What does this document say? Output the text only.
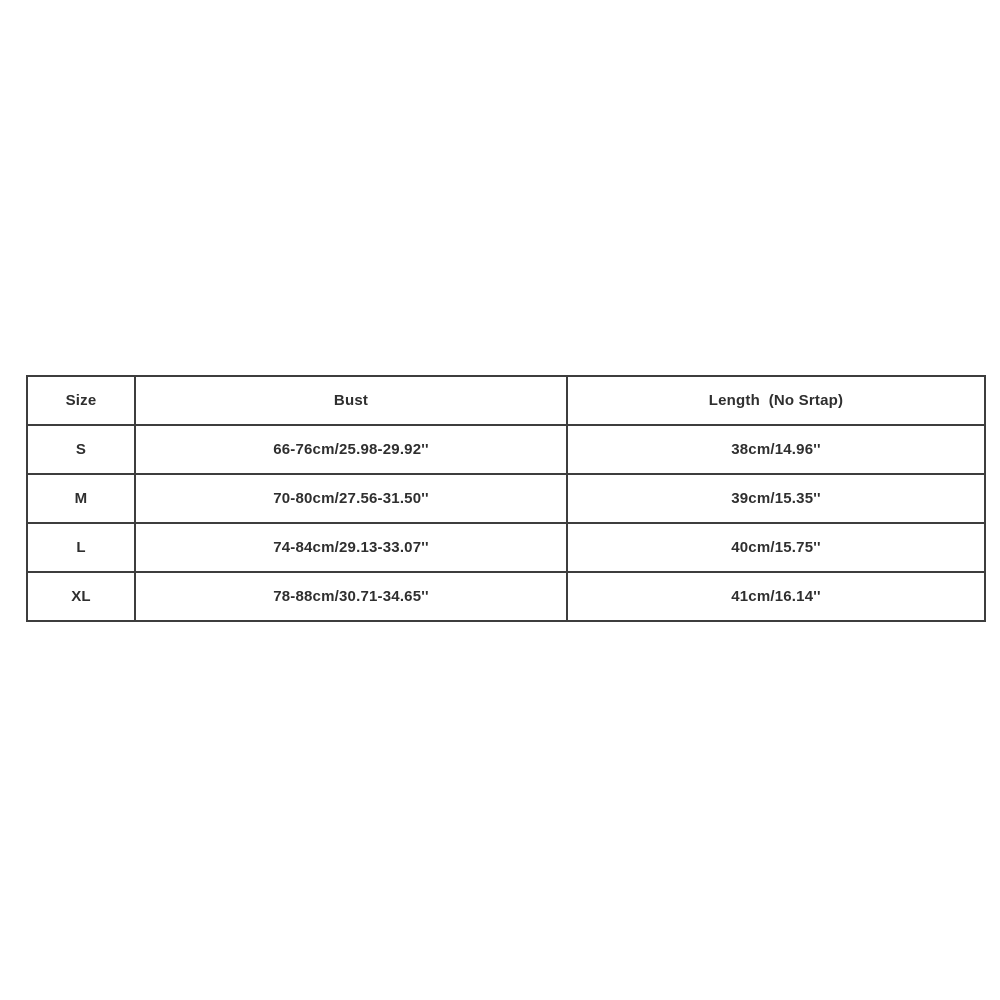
Size	Bust	Length  (No Srtap)
S	66-76cm/25.98-29.92''	38cm/14.96''
M	70-80cm/27.56-31.50''	39cm/15.35''
L	74-84cm/29.13-33.07''	40cm/15.75''
XL	78-88cm/30.71-34.65''	41cm/16.14''
